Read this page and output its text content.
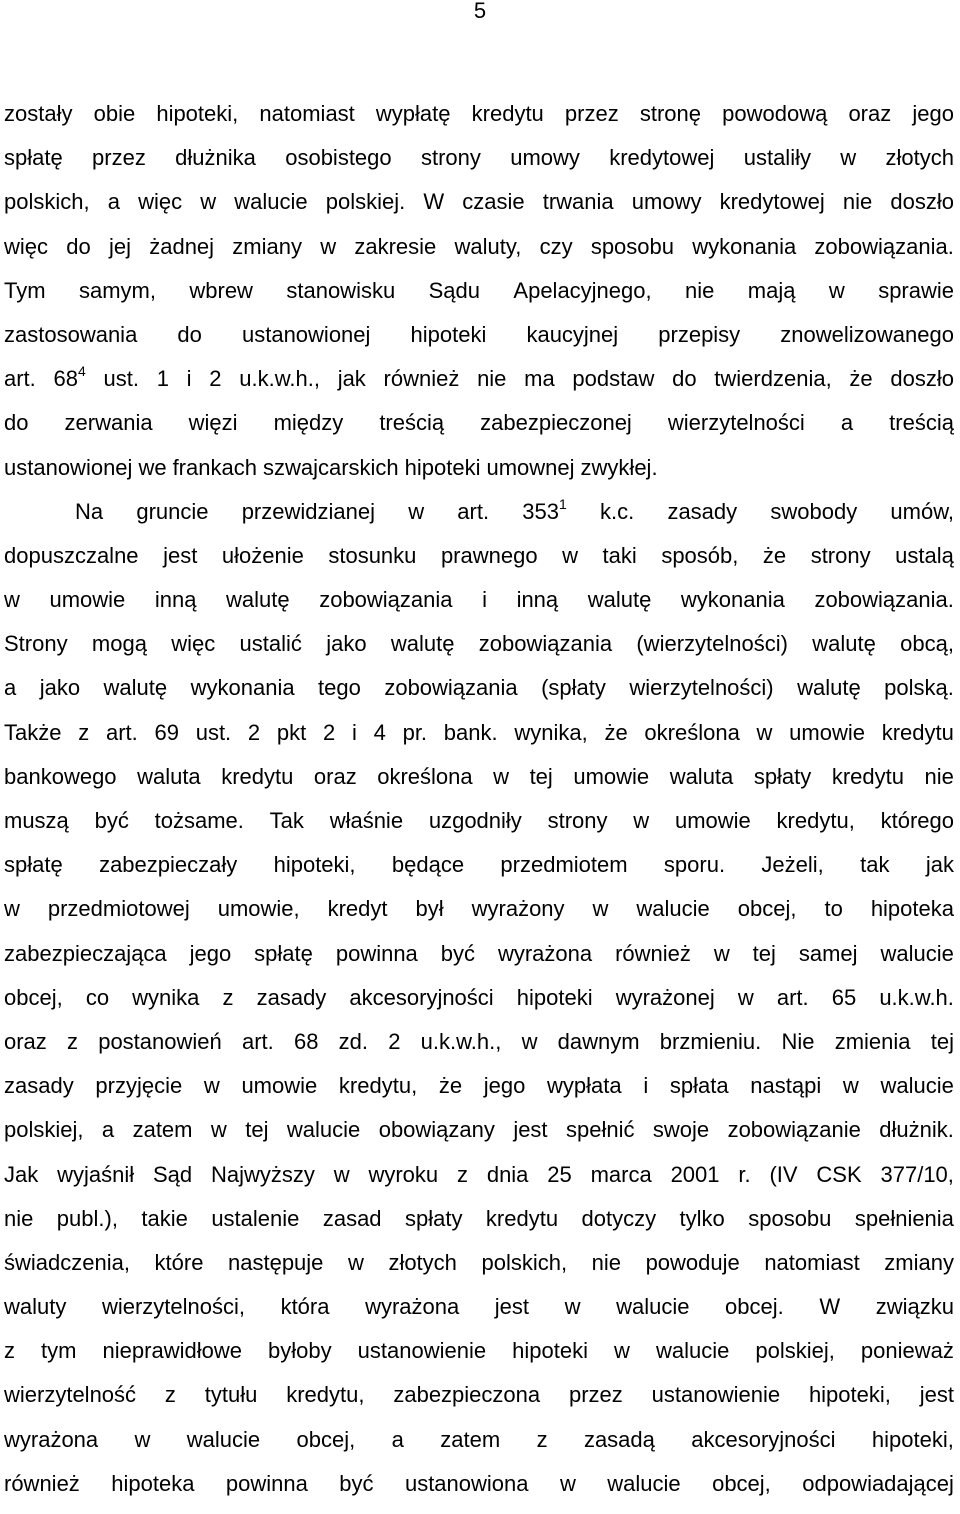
5
zostały obie hipoteki, natomiast wypłatę kredytu przez stronę powodową oraz jego
spłatę przez dłużnika osobistego strony umowy kredytowej ustaliły w złotych
polskich, a więc w walucie polskiej. W czasie trwania umowy kredytowej nie doszło
więc do jej żadnej zmiany w zakresie waluty, czy sposobu wykonania zobowiązania.
Tym samym, wbrew stanowisku Sądu Apelacyjnego, nie mają w sprawie
zastosowania do ustanowionej hipoteki kaucyjnej przepisy znowelizowanego
art. $68^4$ ust. 1 i 2 u.k.w.h., jak również nie ma podstaw do twierdzenia, że doszło
do zerwania więzi między treścią zabezpieczonej wierzytelności a treścią
ustanowionej we frankach szwajcarskich hipoteki umownej zwykłej.
Na gruncie przewidzianej w art. $353^1$ k.c. zasady swobody umów,
dopuszczalne jest ułożenie stosunku prawnego w taki sposób, że strony ustalą
w umowie inną walutę zobowiązania i inną walutę wykonania zobowiązania.
Strony mogą więc ustalić jako walutę zobowiązania (wierzytelności) walutę obcą,
a jako walutę wykonania tego zobowiązania (spłaty wierzytelności) walutę polską.
Także z art. 69 ust. 2 pkt 2 i 4 pr. bank. wynika, że określona w umowie kredytu
bankowego waluta kredytu oraz określona w tej umowie waluta spłaty kredytu nie
muszą być tożsame. Tak właśnie uzgodniły strony w umowie kredytu, którego
spłatę zabezpieczały hipoteki, będące przedmiotem sporu. Jeżeli, tak jak
w przedmiotowej umowie, kredyt był wyrażony w walucie obcej, to hipoteka
zabezpieczająca jego spłatę powinna być wyrażona również w tej samej walucie
obcej, co wynika z zasady akcesoryjności hipoteki wyrażonej w art. 65 u.k.w.h.
oraz z postanowień art. 68 zd. 2 u.k.w.h., w dawnym brzmieniu. Nie zmienia tej
zasady przyjęcie w umowie kredytu, że jego wypłata i spłata nastąpi w walucie
polskiej, a zatem w tej walucie obowiązany jest spełnić swoje zobowiązanie dłużnik.
Jak wyjaśnił Sąd Najwyższy w wyroku z dnia 25 marca 2001 r. (IV CSK 377/10,
nie publ.), takie ustalenie zasad spłaty kredytu dotyczy tylko sposobu spełnienia
świadczenia, które następuje w złotych polskich, nie powoduje natomiast zmiany
waluty wierzytelności, która wyrażona jest w walucie obcej. W związku
z tym nieprawidłowe byłoby ustanowienie hipoteki w walucie polskiej, ponieważ
wierzytelność z tytułu kredytu, zabezpieczona przez ustanowienie hipoteki, jest
wyrażona w walucie obcej, a zatem z zasadą akcesoryjności hipoteki,
również hipoteka powinna być ustanowiona w walucie obcej, odpowiadającej
